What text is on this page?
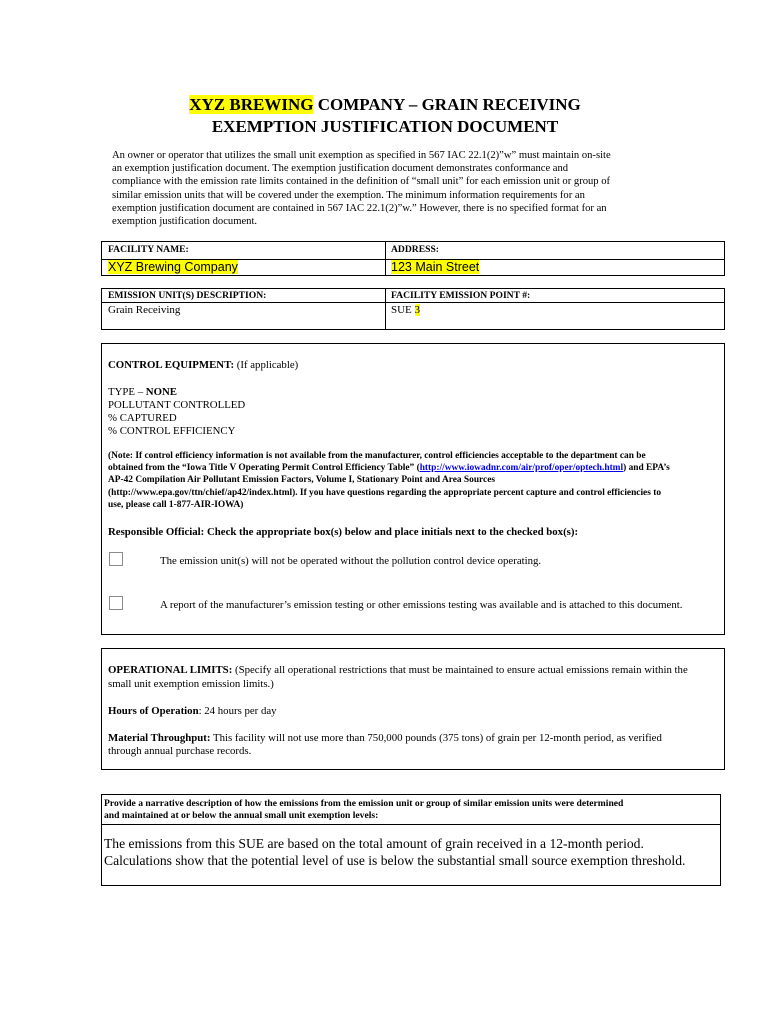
XYZ BREWING COMPANY – GRAIN RECEIVING
EXEMPTION JUSTIFICATION DOCUMENT

An owner or operator that utilizes the small unit exemption as specified in 567 IAC 22.1(2)”w” must maintain on-site

an exemption justification document. The exemption justification document demonstrates conformance and

compliance with the emission rate limits contained in the definition of “small unit” for each emission unit or group of

similar emission units that will be covered under the exemption. The minimum information requirements for an

exemption justification document are contained in 567 IAC 22.1(2)”w.” However, there is no specified format for an

exemption justification document.

FACILITY NAME:	ADDRESS:
XYZ Brewing Company	123 Main Street
EMISSION UNIT(S) DESCRIPTION:	FACILITY EMISSION POINT #:
Grain Receiving	SUE 3
CONTROL EQUIPMENT: (If applicable)
TYPE – NONE
POLLUTANT CONTROLLED
% CAPTURED
% CONTROL EFFICIENCY
(Note: If control efficiency information is not available from the manufacturer, control efficiencies acceptable to the department can be
obtained from the “Iowa Title V Operating Permit Control Efficiency Table” (http://www.iowadnr.com/air/prof/oper/optech.html) and EPA’s
AP-42 Compilation Air Pollutant Emission Factors, Volume I, Stationary Point and Area Sources
(http://www.epa.gov/ttn/chief/ap42/index.html). If you have questions regarding the appropriate percent capture and control efficiencies to
use, please call 1-877-AIR-IOWA)
Responsible Official: Check the appropriate box(s) below and place initials next to the checked box(s):
The emission unit(s) will not be operated without the pollution control device operating.
A report of the manufacturer’s emission testing or other emissions testing was available and is attached to this document.
OPERATIONAL LIMITS: (Specify all operational restrictions that must be maintained to ensure actual emissions remain within the
small unit exemption emission limits.)
Hours of Operation: 24 hours per day
Material Throughput: This facility will not use more than 750,000 pounds (375 tons) of grain per 12-month period, as verified
through annual purchase records.
Provide a narrative description of how the emissions from the emission unit or group of similar emission units were determined
and maintained at or below the annual small unit exemption levels:
The emissions from this SUE are based on the total amount of grain received in a 12-month period.
Calculations show that the potential level of use is below the substantial small source exemption threshold.
